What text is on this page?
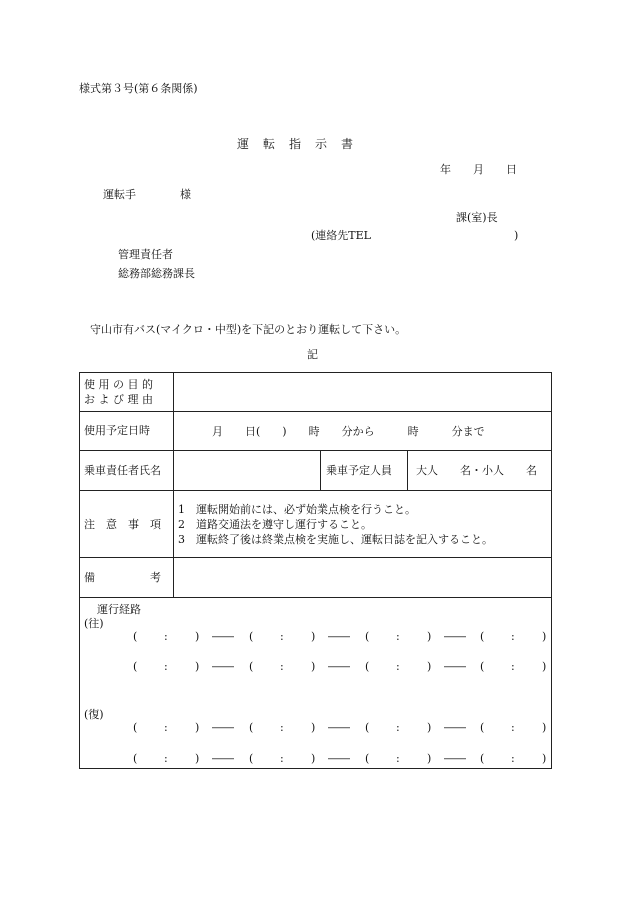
様式第３号(第６条関係)
運　転　指　示　書
年　　月　　日
運転手　　　　様
課(室)長
(連絡先TEL　　　　　　　　　　　　　)
管理責任者
総務部総務課長
守山市有バス(マイクロ・中型)を下記のとおり運転して下さい。
記
使 用 の 目 的
お よ び 理 由
使用予定日時	月　　日(　　)　　時　　分から　　　時　　　分まで
乗車責任者氏名	乗車予定人員 大人　　名・小人　　名
注　意　事　項
1　運転開始前には、必ず始業点検を行うこと。
2　道路交通法を遵守し運行すること。
3　運転終了後は終業点検を実施し、運転日誌を記入すること。
備　　　　　考
運行経路
(往)
(復)
( : ) ―― ( : ) ―― ( : ) ―― ( : )
( : ) ―― ( : ) ―― ( : ) ―― ( : )
( : ) ―― ( : ) ―― ( : ) ―― ( : )
( : ) ―― ( : ) ―― ( : ) ―― ( : )
